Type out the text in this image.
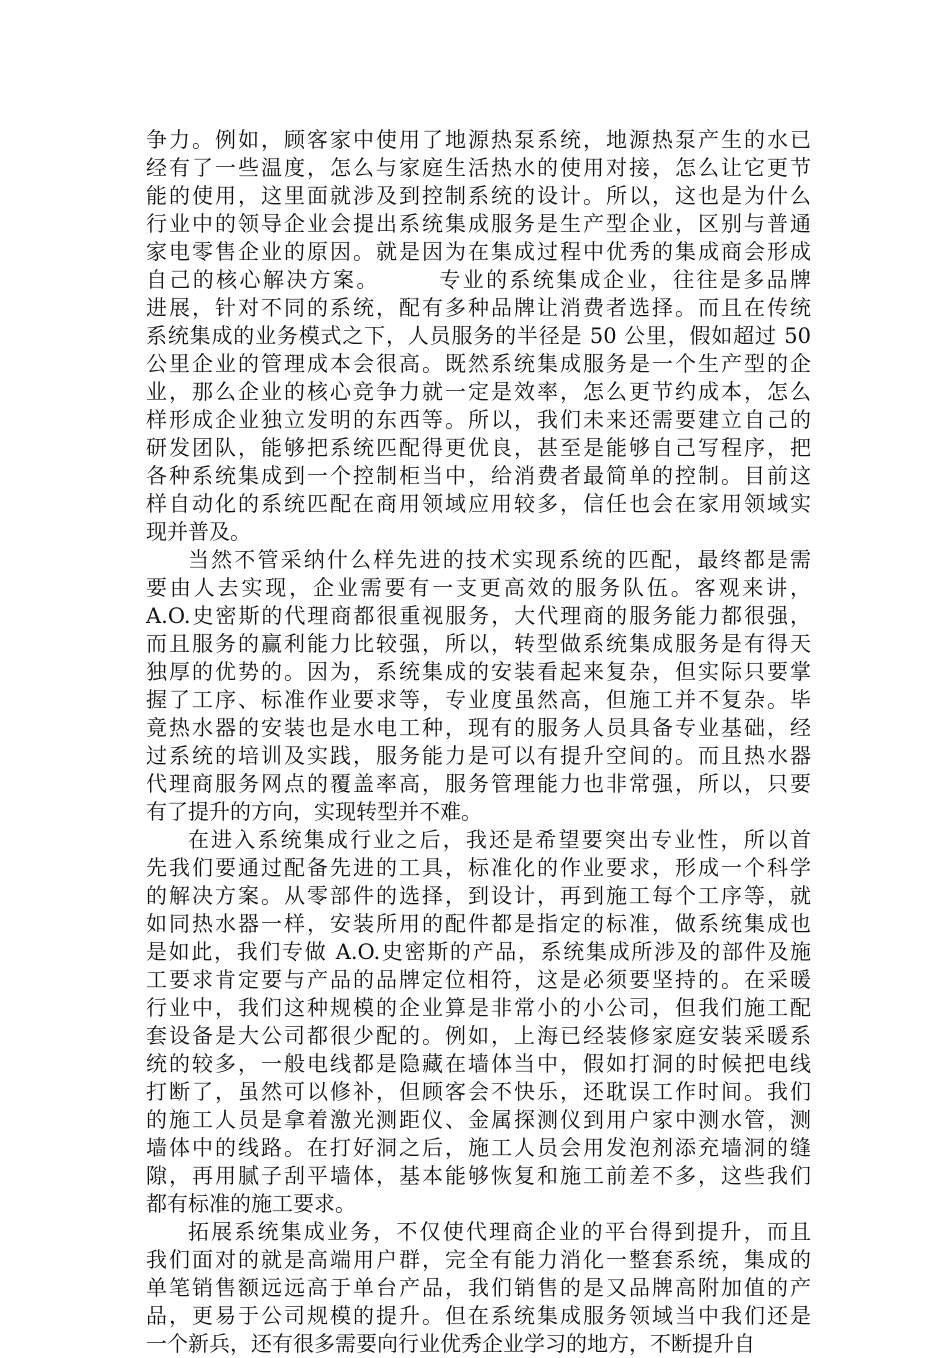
争力。例如，顾客家中使用了地源热泵系统，地源热泵产生的水已
经有了一些温度，怎么与家庭生活热水的使用对接，怎么让它更节
能的使用，这里面就涉及到控制系统的设计。所以，这也是为什么
行业中的领导企业会提出系统集成服务是生产型企业，区别与普通
家电零售企业的原因。就是因为在集成过程中优秀的集成商会形成
自己的核心解决方案。　　　专业的系统集成企业，往往是多品牌
进展，针对不同的系统，配有多种品牌让消费者选择。而且在传统
系统集成的业务模式之下，人员服务的半径是 50 公里，假如超过 50
公里企业的管理成本会很高。既然系统集成服务是一个生产型的企
业，那么企业的核心竞争力就一定是效率，怎么更节约成本，怎么
样形成企业独立发明的东西等。所以，我们未来还需要建立自己的
研发团队，能够把系统匹配得更优良，甚至是能够自己写程序，把
各种系统集成到一个控制柜当中，给消费者最简单的控制。目前这
样自动化的系统匹配在商用领域应用较多，信任也会在家用领域实
现并普及。

当然不管采纳什么样先进的技术实现系统的匹配，最终都是需
要由人去实现，企业需要有一支更高效的服务队伍。客观来讲，
A.O.史密斯的代理商都很重视服务，大代理商的服务能力都很强，
而且服务的赢利能力比较强，所以，转型做系统集成服务是有得天
独厚的优势的。因为，系统集成的安装看起来复杂，但实际只要掌
握了工序、标准作业要求等，专业度虽然高，但施工并不复杂。毕
竟热水器的安装也是水电工种，现有的服务人员具备专业基础，经
过系统的培训及实践，服务能力是可以有提升空间的。而且热水器
代理商服务网点的覆盖率高，服务管理能力也非常强，所以，只要
有了提升的方向，实现转型并不难。

在进入系统集成行业之后，我还是希望要突出专业性，所以首
先我们要通过配备先进的工具，标准化的作业要求，形成一个科学
的解决方案。从零部件的选择，到设计，再到施工每个工序等，就
如同热水器一样，安装所用的配件都是指定的标准，做系统集成也
是如此，我们专做 A.O.史密斯的产品，系统集成所涉及的部件及施
工要求肯定要与产品的品牌定位相符，这是必须要坚持的。在采暖
行业中，我们这种规模的企业算是非常小的小公司，但我们施工配
套设备是大公司都很少配的。例如，上海已经装修家庭安装采暖系
统的较多，一般电线都是隐藏在墙体当中，假如打洞的时候把电线
打断了，虽然可以修补，但顾客会不快乐，还耽误工作时间。我们
的施工人员是拿着激光测距仪、金属探测仪到用户家中测水管，测
墙体中的线路。在打好洞之后，施工人员会用发泡剂添充墙洞的缝
隙，再用腻子刮平墙体，基本能够恢复和施工前差不多，这些我们
都有标准的施工要求。

拓展系统集成业务，不仅使代理商企业的平台得到提升，而且
我们面对的就是高端用户群，完全有能力消化一整套系统，集成的
单笔销售额远远高于单台产品，我们销售的是又品牌高附加值的产
品，更易于公司规模的提升。但在系统集成服务领域当中我们还是
一个新兵，还有很多需要向行业优秀企业学习的地方，不断提升自
